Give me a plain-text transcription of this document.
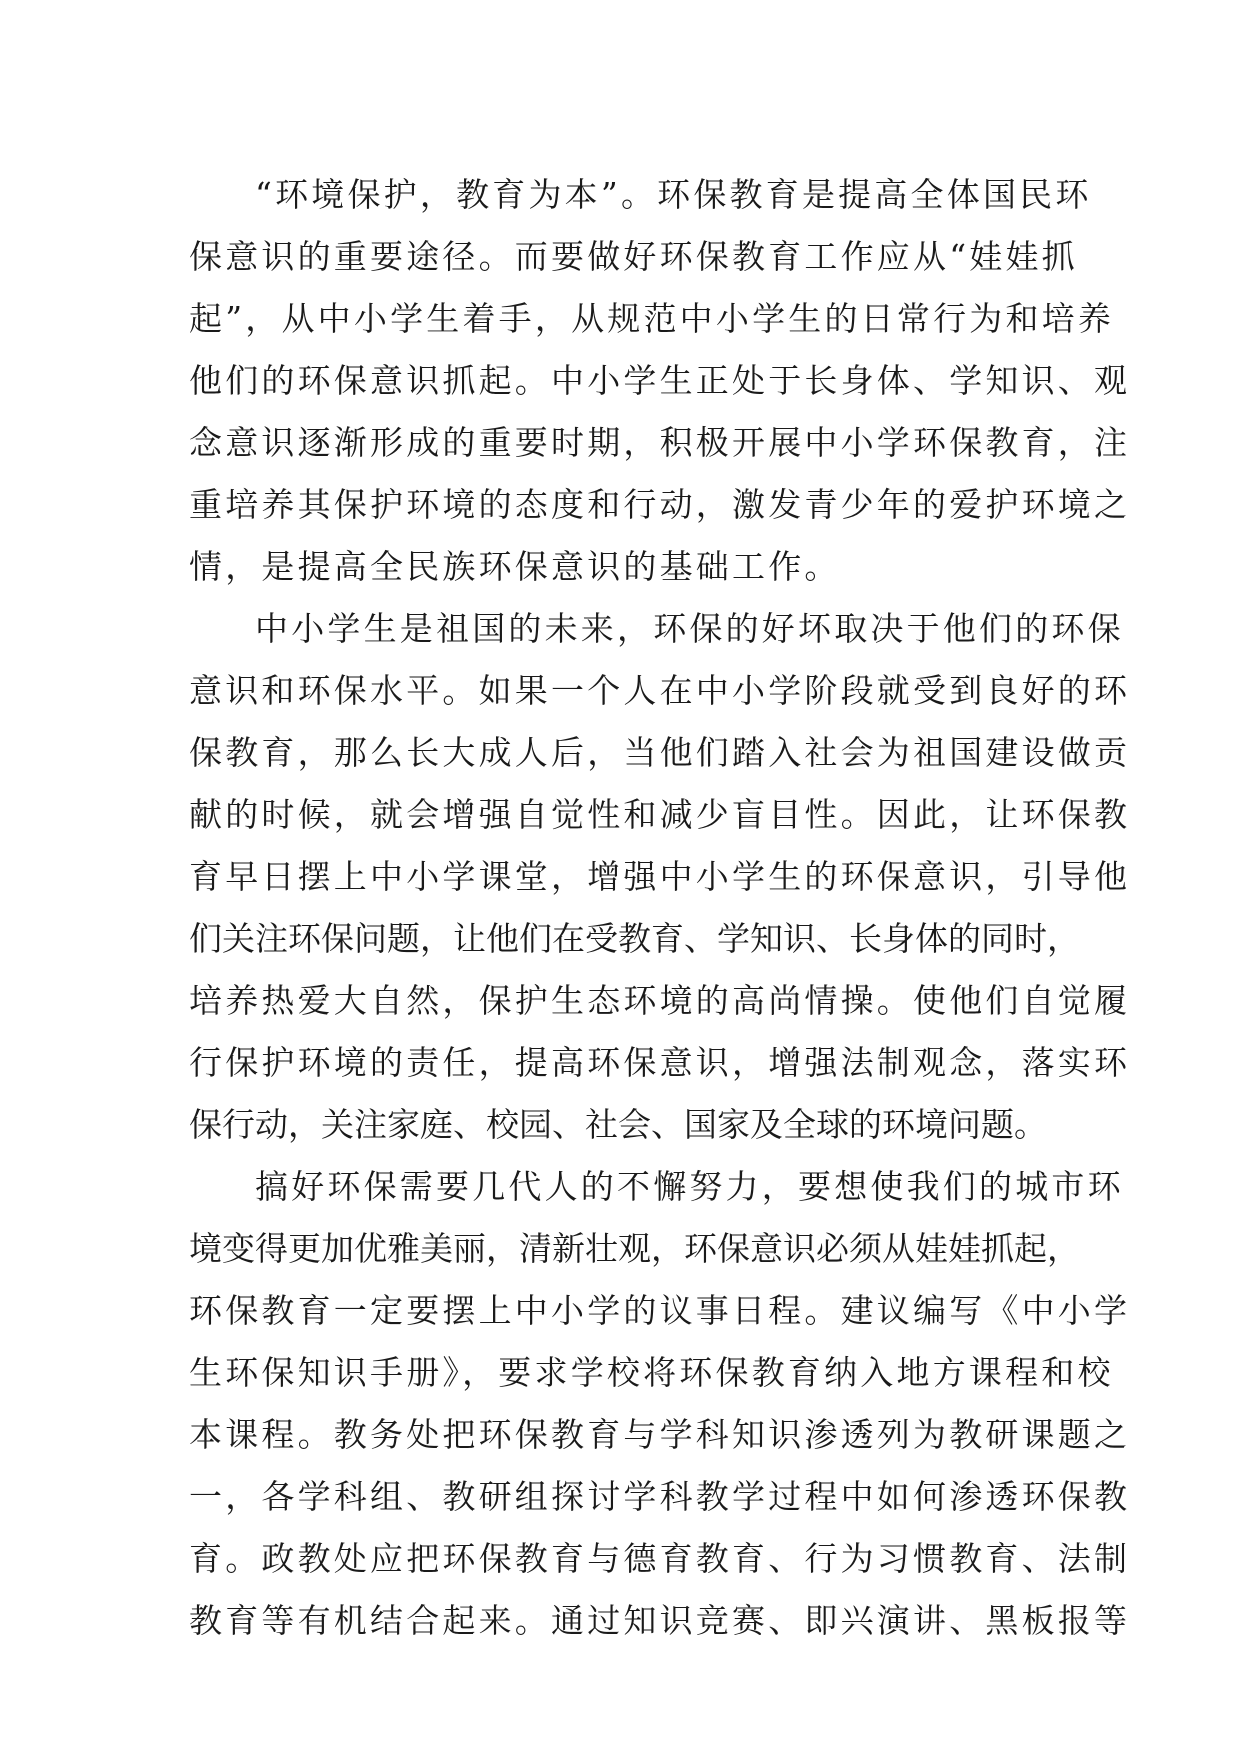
“环境保护，教育为本”。环保教育是提高全体国民环
保意识的重要途径。而要做好环保教育工作应从“娃娃抓
起”，从中小学生着手，从规范中小学生的日常行为和培养
他们的环保意识抓起。中小学生正处于长身体、学知识、观
念意识逐渐形成的重要时期，积极开展中小学环保教育，注
重培养其保护环境的态度和行动，激发青少年的爱护环境之
情，是提高全民族环保意识的基础工作。
中小学生是祖国的未来，环保的好坏取决于他们的环保
意识和环保水平。如果一个人在中小学阶段就受到良好的环
保教育，那么长大成人后，当他们踏入社会为祖国建设做贡
献的时候，就会增强自觉性和减少盲目性。因此，让环保教
育早日摆上中小学课堂，增强中小学生的环保意识，引导他
们关注环保问题，让他们在受教育、学知识、长身体的同时，
培养热爱大自然，保护生态环境的高尚情操。使他们自觉履
行保护环境的责任，提高环保意识，增强法制观念，落实环
保行动，关注家庭、校园、社会、国家及全球的环境问题。
搞好环保需要几代人的不懈努力，要想使我们的城市环
境变得更加优雅美丽，清新壮观，环保意识必须从娃娃抓起，
环保教育一定要摆上中小学的议事日程。建议编写《中小学
生环保知识手册》，要求学校将环保教育纳入地方课程和校
本课程。教务处把环保教育与学科知识渗透列为教研课题之
一，各学科组、教研组探讨学科教学过程中如何渗透环保教
育。政教处应把环保教育与德育教育、行为习惯教育、法制
教育等有机结合起来。通过知识竞赛、即兴演讲、黑板报等
